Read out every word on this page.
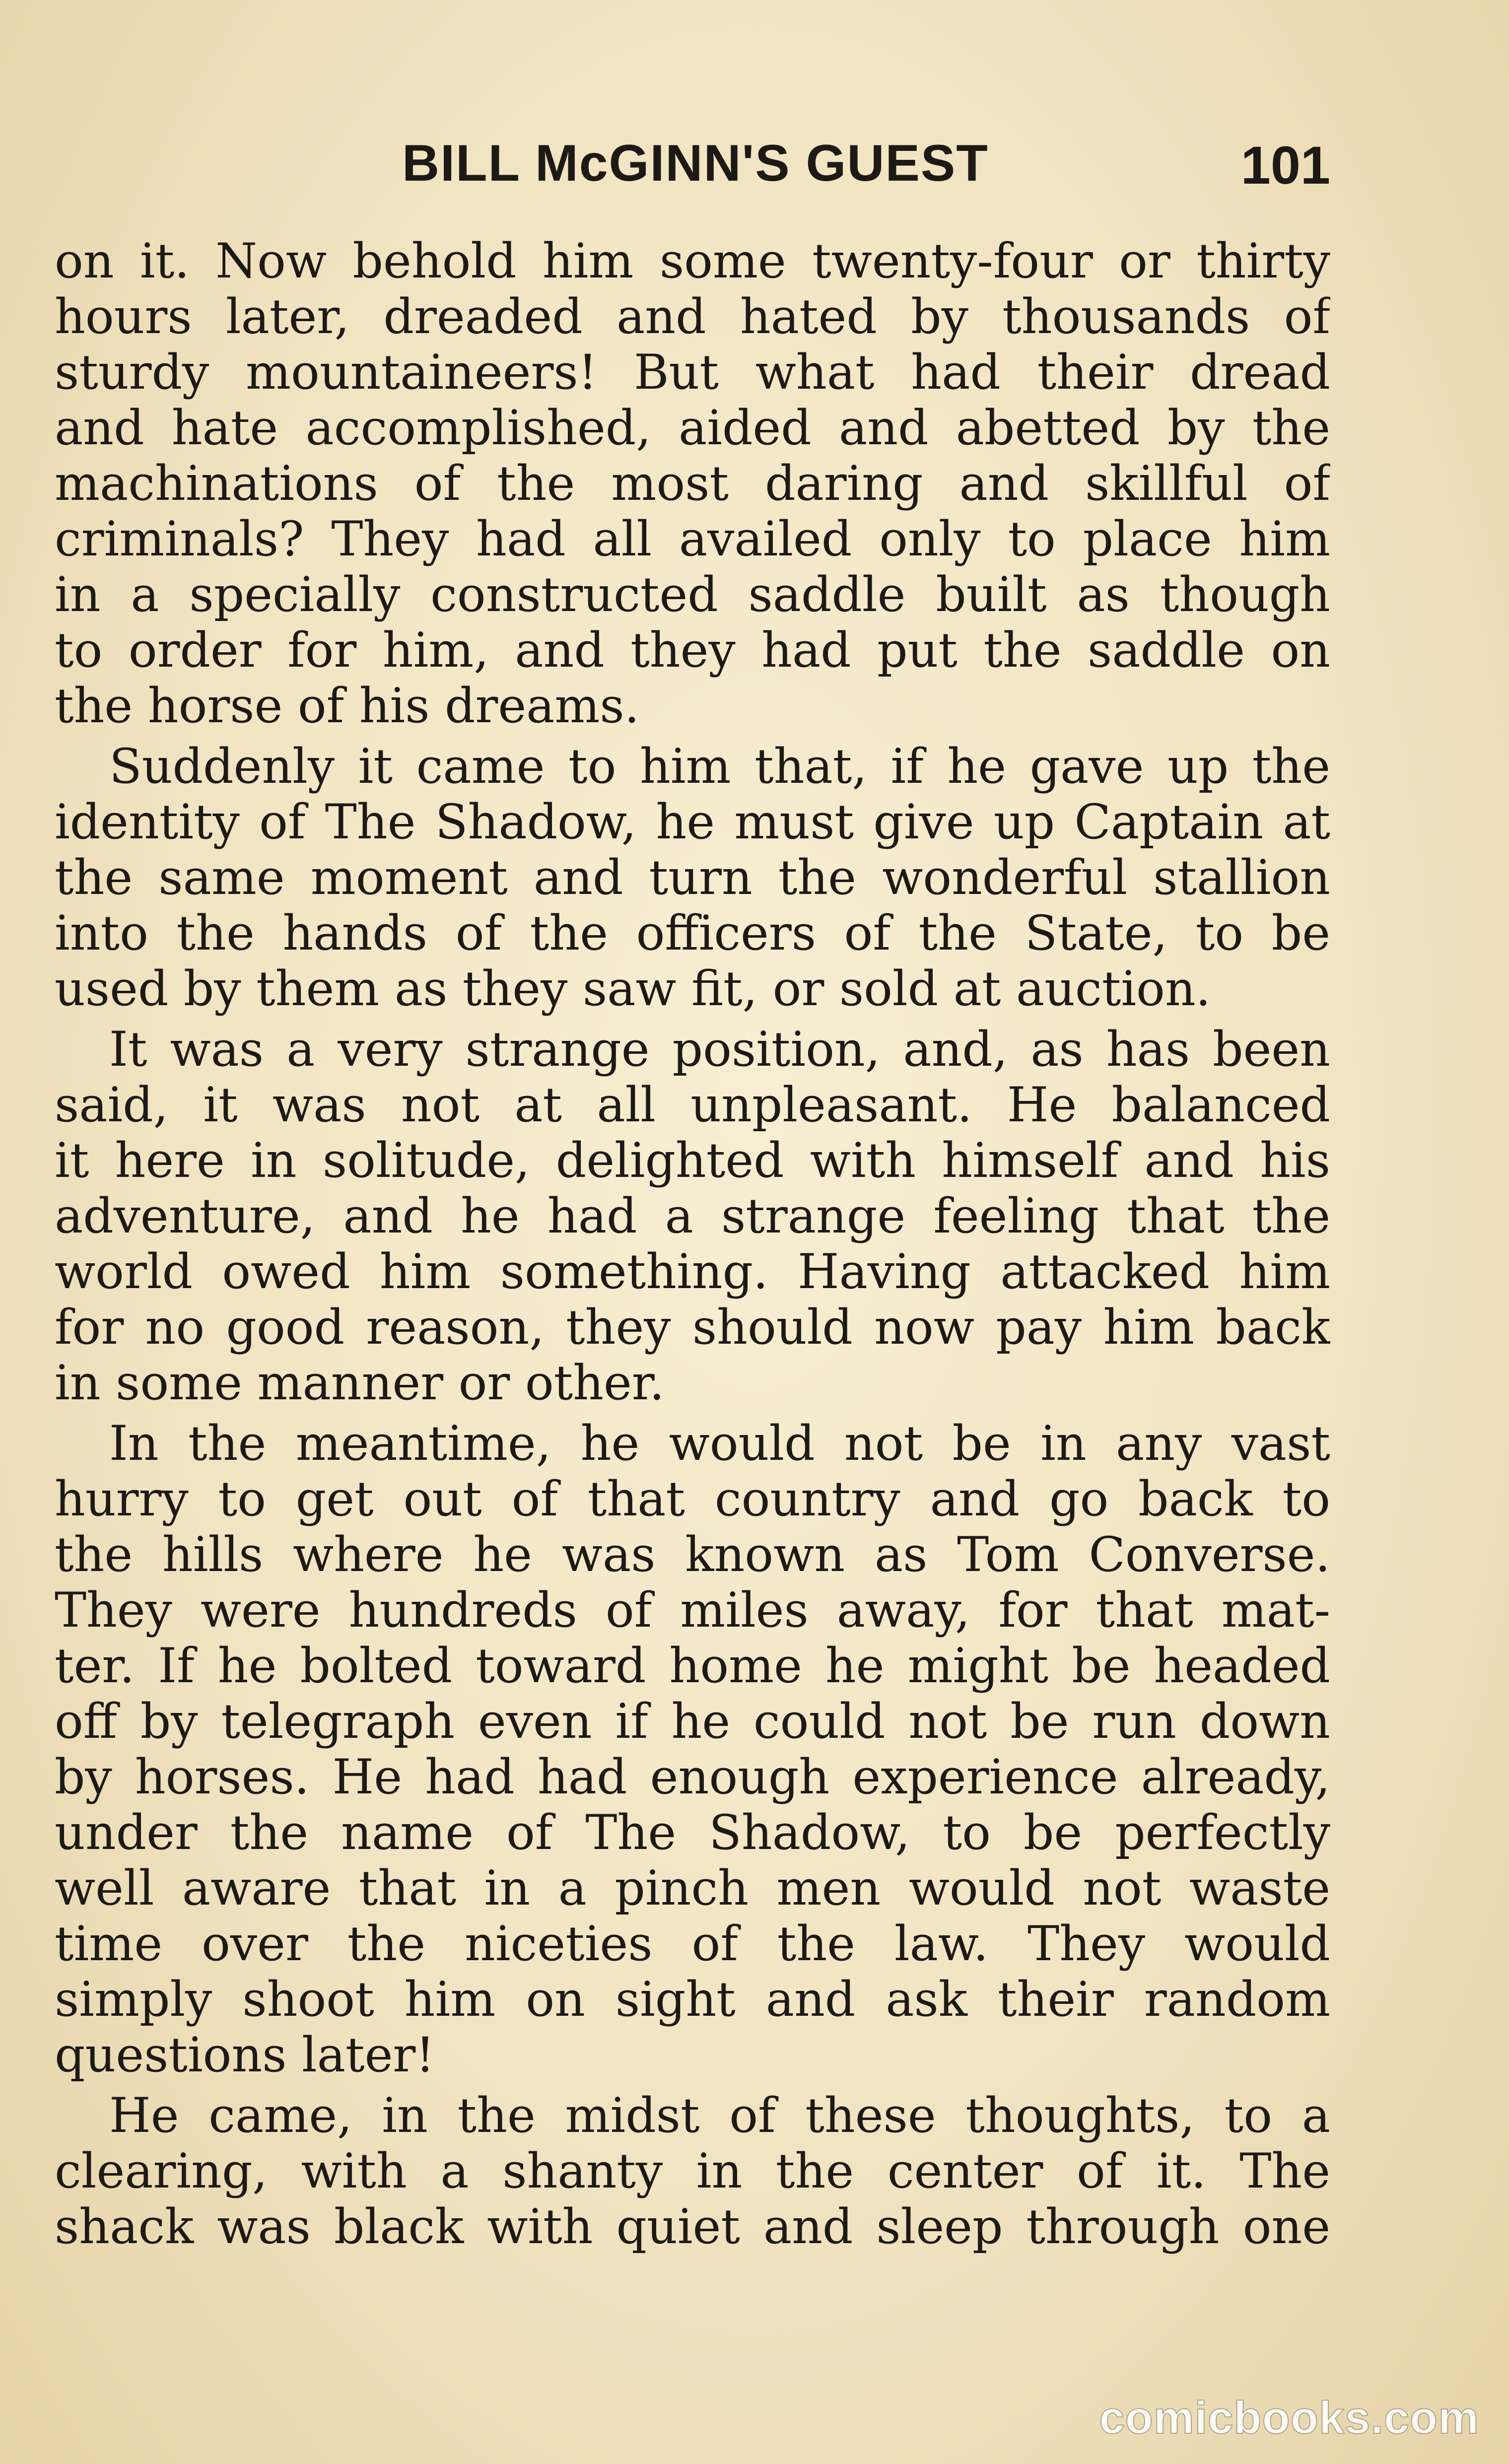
BILL McGINN'S GUEST	101
on it. Now behold him some twenty-four or thirty
hours later, dreaded and hated by thousands of
sturdy mountaineers! But what had their dread
and hate accomplished, aided and abetted by the
machinations of the most daring and skillful of
criminals? They had all availed only to place him
in a specially constructed saddle built as though
to order for him, and they had put the saddle on
the horse of his dreams.
Suddenly it came to him that, if he gave up the
identity of The Shadow, he must give up Captain at
the same moment and turn the wonderful stallion
into the hands of the officers of the State, to be
used by them as they saw fit, or sold at auction.
It was a very strange position, and, as has been
said, it was not at all unpleasant. He balanced
it here in solitude, delighted with himself and his
adventure, and he had a strange feeling that the
world owed him something. Having attacked him
for no good reason, they should now pay him back
in some manner or other.
In the meantime, he would not be in any vast
hurry to get out of that country and go back to
the hills where he was known as Tom Converse.
They were hundreds of miles away, for that mat-
ter. If he bolted toward home he might be headed
off by telegraph even if he could not be run down
by horses. He had had enough experience already,
under the name of The Shadow, to be perfectly
well aware that in a pinch men would not waste
time over the niceties of the law. They would
simply shoot him on sight and ask their random
questions later!
He came, in the midst of these thoughts, to a
clearing, with a shanty in the center of it. The
shack was black with quiet and sleep through one
comicbooks.com
